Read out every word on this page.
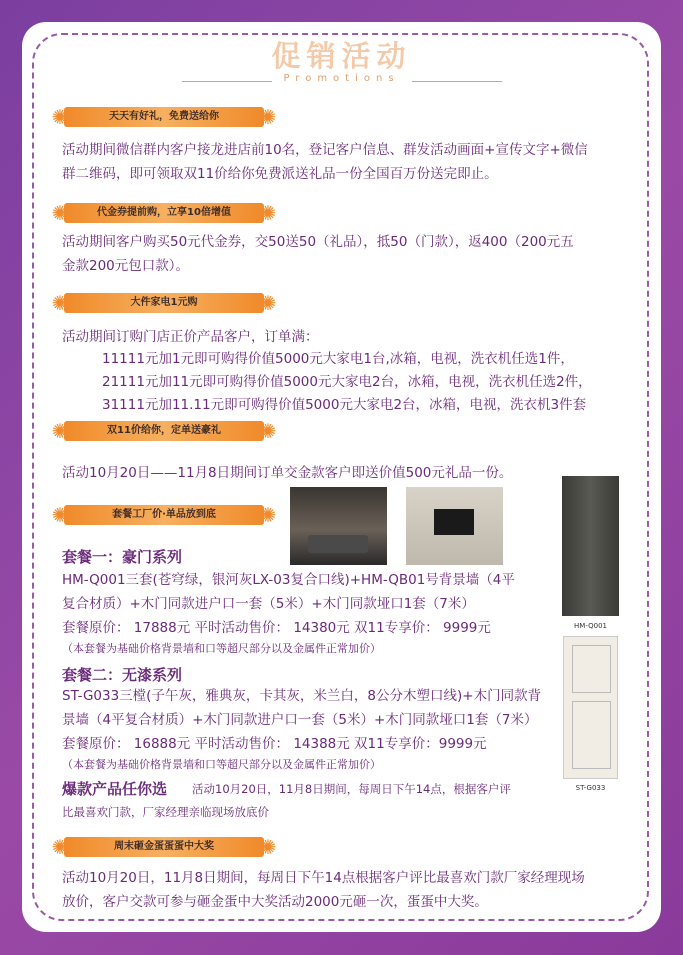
促销活动
Promotions
✺	✺
天天有好礼，免费送给你
活动期间微信群内客户接龙进店前10名，登记客户信息、群发活动画面+宣传文字+微信
群二维码，即可领取双11价给你免费派送礼品一份全国百万份送完即止。
✺	✺
代金券提前购，立享10倍增值
活动期间客户购买50元代金券，交50送50（礼品），抵50（门款），返400（200元五
金款200元包口款）。
✺	✺
大件家电1元购
活动期间订购门店正价产品客户，订单满：
11111元加1元即可购得价值5000元大家电1台,冰箱，电视，洗衣机任选1件，
21111元加11元即可购得价值5000元大家电2台，冰箱，电视，洗衣机任选2件，
31111元加11.11元即可购得价值5000元大家电2台，冰箱，电视，洗衣机3件套
✺	✺
双11价给你，定单送豪礼
活动10月20日——11月8日期间订单交金款客户即送价值500元礼品一份。
✺	✺
套餐工厂价·单品放到底
HM-Q001
ST-G033
套餐一：豪门系列
HM-Q001三套(苍穹绿，银河灰LX-03复合口线)+HM-QB01号背景墙（4平
复合材质）+木门同款进户口一套（5米）+木门同款垭口1套（7米）
套餐原价： 17888元 平时活动售价： 14380元 双11专享价： 9999元
（本套餐为基础价格背景墙和口等超尺部分以及金属件正常加价）
套餐二：无漆系列
ST-G033三樘(子午灰，雅典灰，卡其灰，米兰白，8公分木塑口线)+木门同款背
景墙（4平复合材质）+木门同款进户口一套（5米）+木门同款垭口1套（7米）
套餐原价： 16888元 平时活动售价： 14388元 双11专享价：9999元
（本套餐为基础价格背景墙和口等超尺部分以及金属件正常加价）
爆款产品任你选 活动10月20日，11月8日期间，每周日下午14点，根据客户评
比最喜欢门款，厂家经理亲临现场放底价
✺	✺
周末砸金蛋蛋蛋中大奖
活动10月20日，11月8日期间，每周日下午14点根据客户评比最喜欢门款厂家经理现场
放价，客户交款可参与砸金蛋中大奖活动2000元砸一次，蛋蛋中大奖。
